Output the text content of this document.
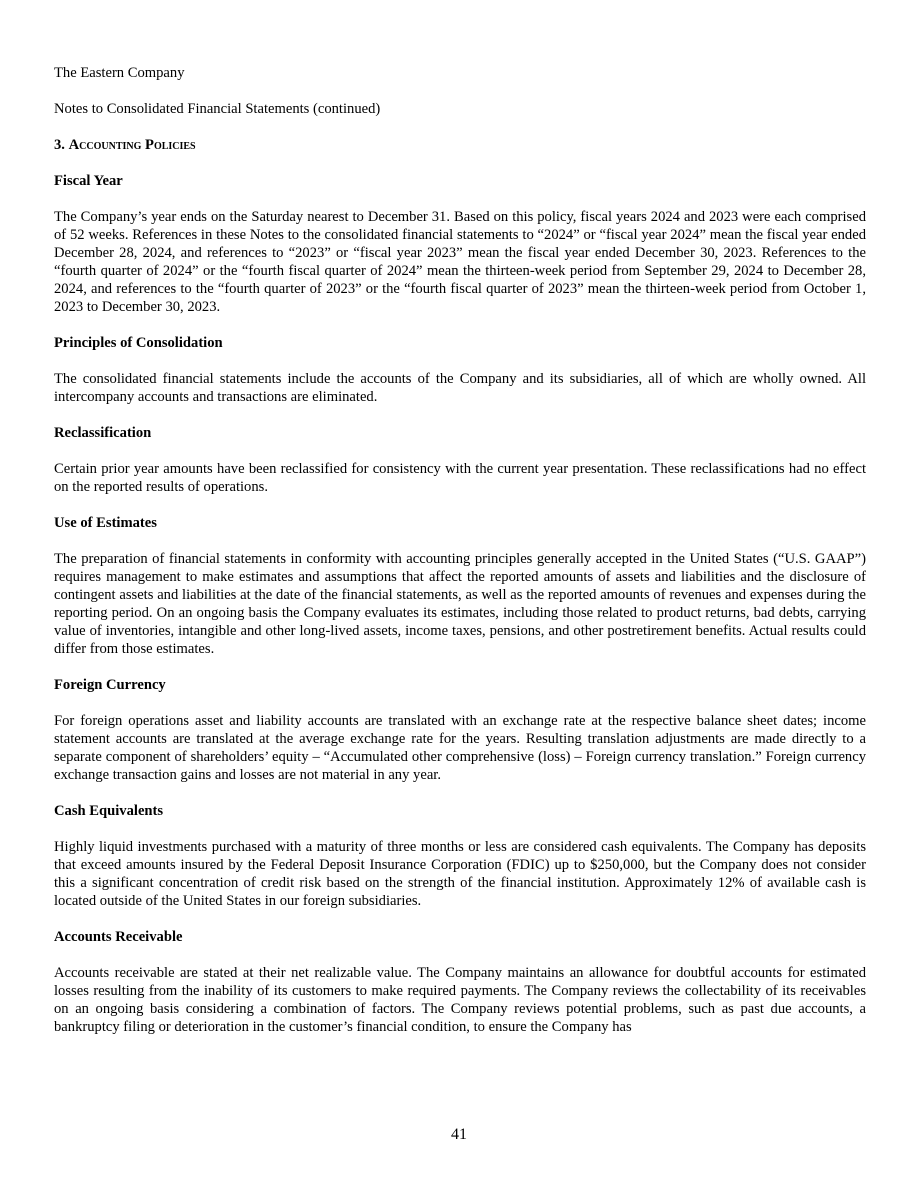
The Eastern Company

Notes to Consolidated Financial Statements (continued)

3. Accounting Policies

Fiscal Year

The Company’s year ends on the Saturday nearest to December 31. Based on this policy, fiscal years 2024 and 2023 were each comprised of 52 weeks. References in these Notes to the consolidated financial statements to “2024” or “fiscal year 2024” mean the fiscal year ended December 28, 2024, and references to “2023” or “fiscal year 2023” mean the fiscal year ended December 30, 2023. References to the “fourth quarter of 2024” or the “fourth fiscal quarter of 2024” mean the thirteen-week period from September 29, 2024 to December 28, 2024, and references to the “fourth quarter of 2023” or the “fourth fiscal quarter of 2023” mean the thirteen-week period from October 1, 2023 to December 30, 2023.

Principles of Consolidation

The consolidated financial statements include the accounts of the Company and its subsidiaries, all of which are wholly owned. All intercompany accounts and transactions are eliminated.

Reclassification

Certain prior year amounts have been reclassified for consistency with the current year presentation. These reclassifications had no effect on the reported results of operations.

Use of Estimates

The preparation of financial statements in conformity with accounting principles generally accepted in the United States (“U.S. GAAP”) requires management to make estimates and assumptions that affect the reported amounts of assets and liabilities and the disclosure of contingent assets and liabilities at the date of the financial statements, as well as the reported amounts of revenues and expenses during the reporting period. On an ongoing basis the Company evaluates its estimates, including those related to product returns, bad debts, carrying value of inventories, intangible and other long-lived assets, income taxes, pensions, and other postretirement benefits. Actual results could differ from those estimates.

Foreign Currency

For foreign operations asset and liability accounts are translated with an exchange rate at the respective balance sheet dates; income statement accounts are translated at the average exchange rate for the years. Resulting translation adjustments are made directly to a separate component of shareholders’ equity – “Accumulated other comprehensive (loss) – Foreign currency translation.” Foreign currency exchange transaction gains and losses are not material in any year.

Cash Equivalents

Highly liquid investments purchased with a maturity of three months or less are considered cash equivalents. The Company has deposits that exceed amounts insured by the Federal Deposit Insurance Corporation (FDIC) up to $250,000, but the Company does not consider this a significant concentration of credit risk based on the strength of the financial institution. Approximately 12% of available cash is located outside of the United States in our foreign subsidiaries.

Accounts Receivable

Accounts receivable are stated at their net realizable value. The Company maintains an allowance for doubtful accounts for estimated losses resulting from the inability of its customers to make required payments. The Company reviews the collectability of its receivables on an ongoing basis considering a combination of factors. The Company reviews potential problems, such as past due accounts, a bankruptcy filing or deterioration in the customer’s financial condition, to ensure the Company has

41
